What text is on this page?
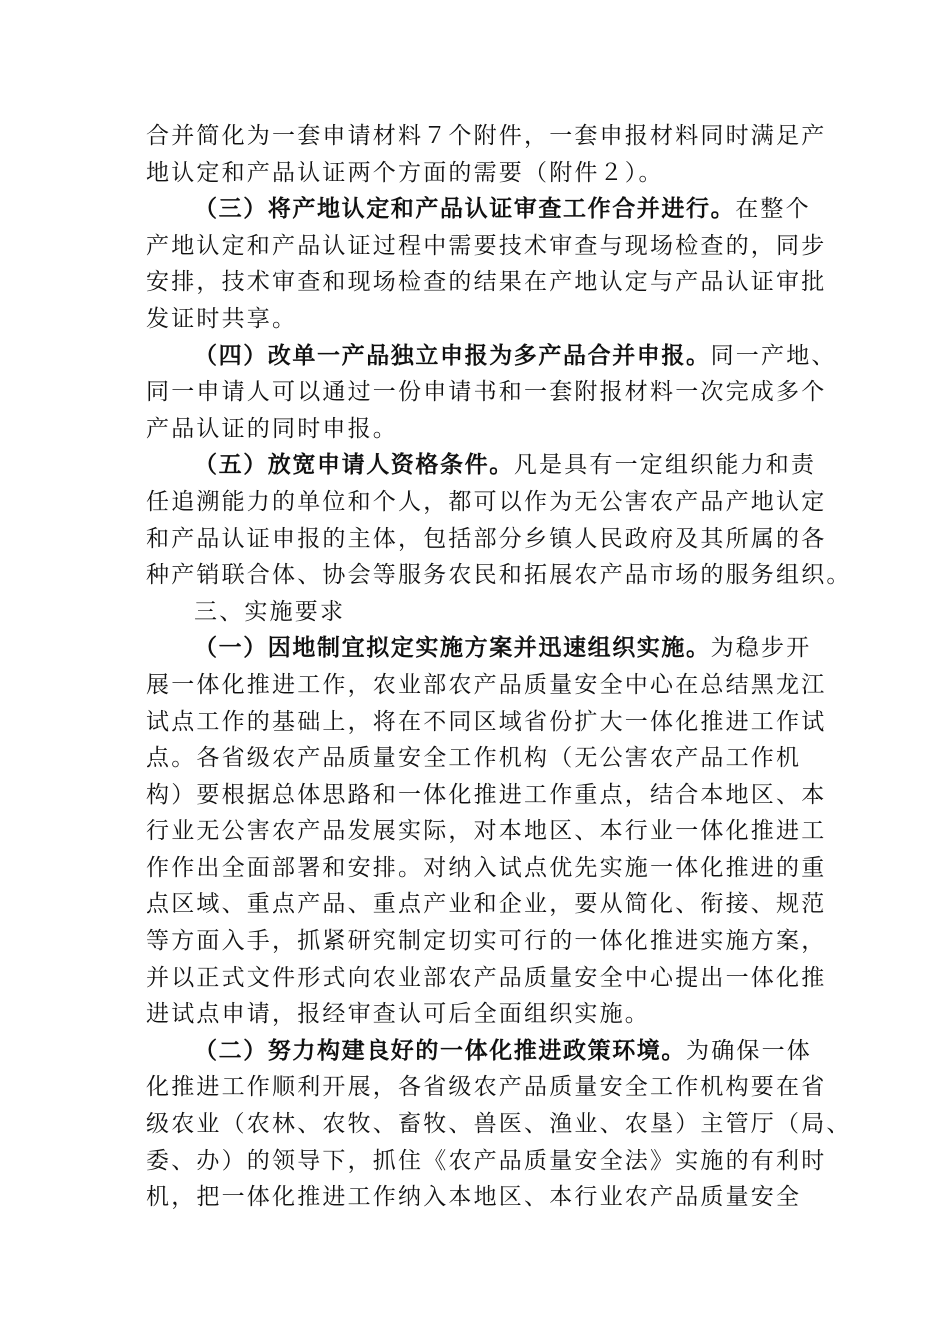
合并简化为一套申请材料７个附件，一套申报材料同时满足产
地认定和产品认证两个方面的需要（附件２）。
（三）将产地认定和产品认证审查工作合并进行。在整个
产地认定和产品认证过程中需要技术审查与现场检查的，同步
安排，技术审查和现场检查的结果在产地认定与产品认证审批
发证时共享。
（四）改单一产品独立申报为多产品合并申报。同一产地、
同一申请人可以通过一份申请书和一套附报材料一次完成多个
产品认证的同时申报。
（五）放宽申请人资格条件。凡是具有一定组织能力和责
任追溯能力的单位和个人，都可以作为无公害农产品产地认定
和产品认证申报的主体，包括部分乡镇人民政府及其所属的各
种产销联合体、协会等服务农民和拓展农产品市场的服务组织。
三、实施要求
（一）因地制宜拟定实施方案并迅速组织实施。为稳步开
展一体化推进工作，农业部农产品质量安全中心在总结黑龙江
试点工作的基础上，将在不同区域省份扩大一体化推进工作试
点。各省级农产品质量安全工作机构（无公害农产品工作机
构）要根据总体思路和一体化推进工作重点，结合本地区、本
行业无公害农产品发展实际，对本地区、本行业一体化推进工
作作出全面部署和安排。对纳入试点优先实施一体化推进的重
点区域、重点产品、重点产业和企业，要从简化、衔接、规范
等方面入手，抓紧研究制定切实可行的一体化推进实施方案，
并以正式文件形式向农业部农产品质量安全中心提出一体化推
进试点申请，报经审查认可后全面组织实施。
（二）努力构建良好的一体化推进政策环境。为确保一体
化推进工作顺利开展，各省级农产品质量安全工作机构要在省
级农业（农林、农牧、畜牧、兽医、渔业、农垦）主管厅（局、
委、办）的领导下，抓住《农产品质量安全法》实施的有利时
机，把一体化推进工作纳入本地区、本行业农产品质量安全
